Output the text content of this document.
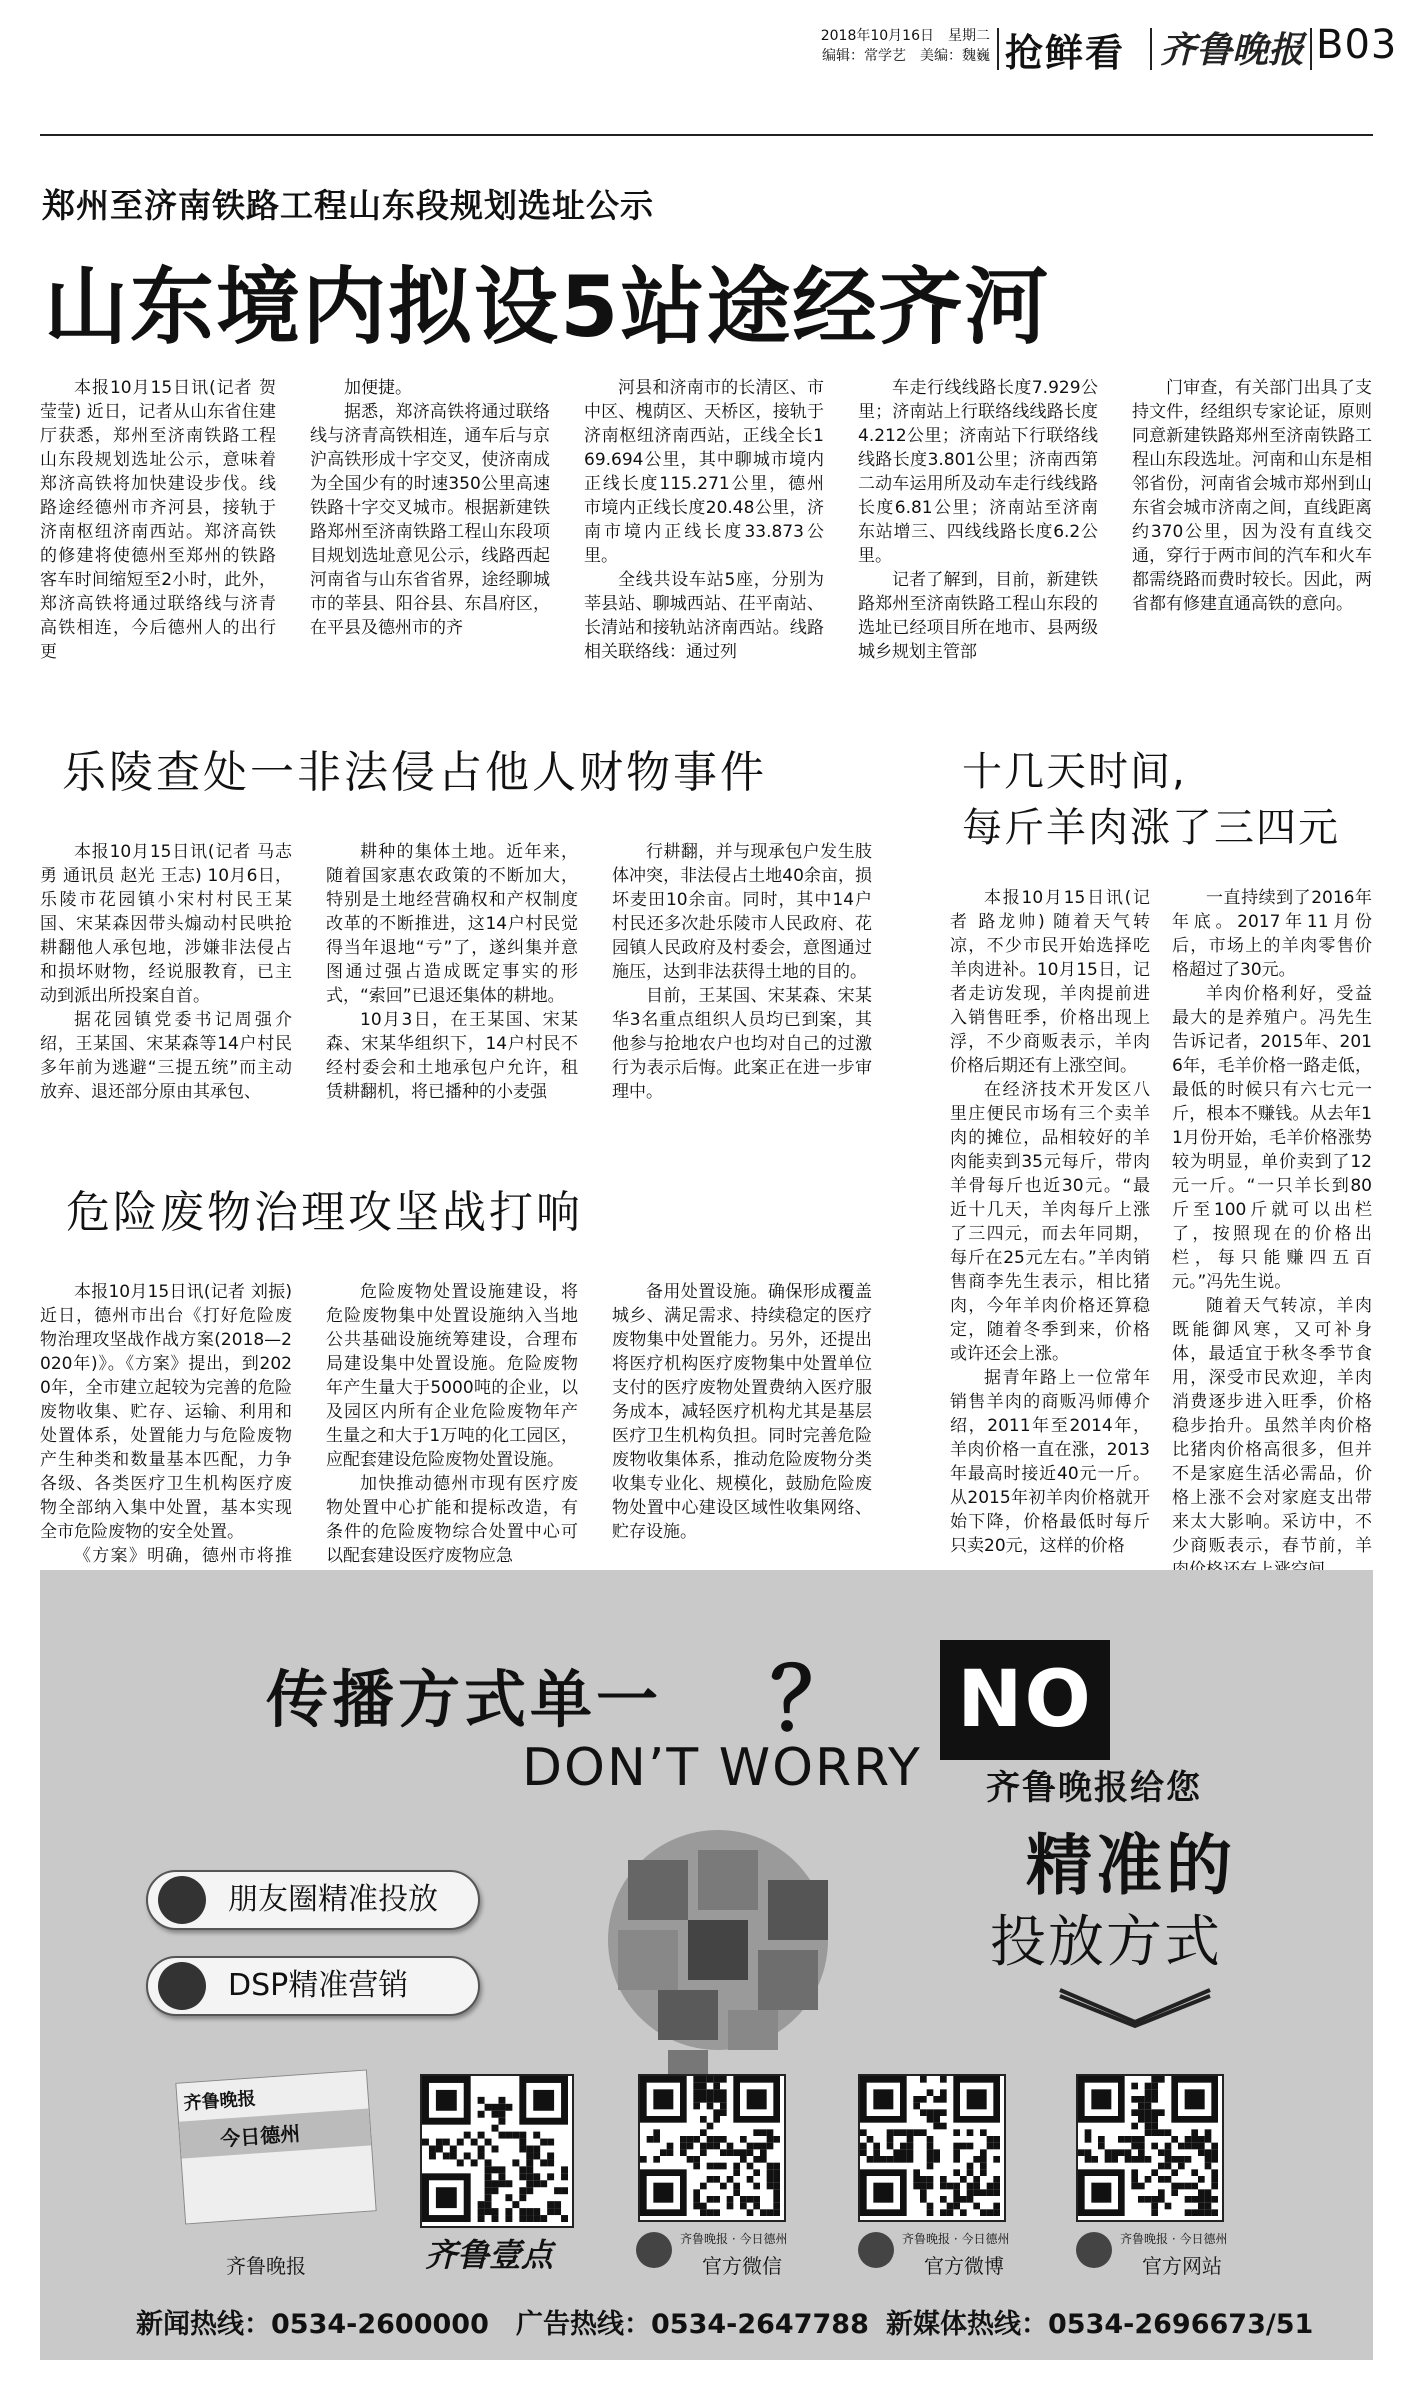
2018年10月16日　星期二
编辑：常学艺　美编：魏巍 抢鲜看 齐鲁晚报 B03
郑州至济南铁路工程山东段规划选址公示
山东境内拟设5站途经齐河

本报10月15日讯(记者 贺莹莹) 近日，记者从山东省住建厅获悉，郑州至济南铁路工程山东段规划选址公示，意味着郑济高铁将加快建设步伐。线路途经德州市齐河县，接轨于济南枢纽济南西站。郑济高铁的修建将使德州至郑州的铁路客车时间缩短至2小时，此外，郑济高铁将通过联络线与济青高铁相连，今后德州人的出行更

加便捷。

据悉，郑济高铁将通过联络线与济青高铁相连，通车后与京沪高铁形成十字交叉，使济南成为全国少有的时速350公里高速铁路十字交叉城市。根据新建铁路郑州至济南铁路工程山东段项目规划选址意见公示，线路西起河南省与山东省省界，途经聊城市的莘县、阳谷县、东昌府区，在平县及德州市的齐

河县和济南市的长清区、市中区、槐荫区、天桥区，接轨于济南枢纽济南西站，正线全长169.694公里，其中聊城市境内正线长度115.271公里，德州市境内正线长度20.48公里，济南市境内正线长度33.873公里。

全线共设车站5座，分别为莘县站、聊城西站、茌平南站、长清站和接轨站济南西站。线路相关联络线：通过列

车走行线线路长度7.929公里；济南站上行联络线线路长度4.212公里；济南站下行联络线线路长度3.801公里；济南西第二动车运用所及动车走行线线路长度6.81公里；济南站至济南东站增三、四线线路长度6.2公里。

记者了解到，目前，新建铁路郑州至济南铁路工程山东段的选址已经项目所在地市、县两级城乡规划主管部

门审查，有关部门出具了支持文件，经组织专家论证，原则同意新建铁路郑州至济南铁路工程山东段选址。河南和山东是相邻省份，河南省会城市郑州到山东省会城市济南之间，直线距离约370公里，因为没有直线交通，穿行于两市间的汽车和火车都需绕路而费时较长。因此，两省都有修建直通高铁的意向。

乐陵查处一非法侵占他人财物事件

本报10月15日讯(记者 马志勇 通讯员 赵光 王志) 10月6日，乐陵市花园镇小宋村村民王某国、宋某森因带头煽动村民哄抢耕翻他人承包地，涉嫌非法侵占和损坏财物，经说服教育，已主动到派出所投案自首。

据花园镇党委书记周强介绍，王某国、宋某森等14户村民多年前为逃避“三提五统”而主动放弃、退还部分原由其承包、

耕种的集体土地。近年来，随着国家惠农政策的不断加大，特别是土地经营确权和产权制度改革的不断推进，这14户村民觉得当年退地“亏”了，遂纠集并意图通过强占造成既定事实的形式，“索回”已退还集体的耕地。

10月3日，在王某国、宋某森、宋某华组织下，14户村民不经村委会和土地承包户允许，租赁耕翻机，将已播种的小麦强

行耕翻，并与现承包户发生肢体冲突，非法侵占土地40余亩，损坏麦田10余亩。同时，其中14户村民还多次赴乐陵市人民政府、花园镇人民政府及村委会，意图通过施压，达到非法获得土地的目的。

目前，王某国、宋某森、宋某华3名重点组织人员均已到案，其他参与抢地农户也均对自己的过激行为表示后悔。此案正在进一步审理中。

危险废物治理攻坚战打响

本报10月15日讯(记者 刘振) 近日，德州市出台《打好危险废物治理攻坚战作战方案(2018—2020年)》。《方案》提出，到2020年，全市建立起较为完善的危险废物收集、贮存、运输、利用和处置体系，处置能力与危险废物产生种类和数量基本匹配，力争各级、各类医疗卫生机构医疗废物全部纳入集中处置，基本实现全市危险废物的安全处置。

《方案》明确，德州市将推

危险废物处置设施建设，将危险废物集中处置设施纳入当地公共基础设施统筹建设，合理布局建设集中处置设施。危险废物年产生量大于5000吨的企业，以及园区内所有企业危险废物年产生量之和大于1万吨的化工园区，应配套建设危险废物处置设施。

加快推动德州市现有医疗废物处置中心扩能和提标改造，有条件的危险废物综合处置中心可以配套建设医疗废物应急

备用处置设施。确保形成覆盖城乡、满足需求、持续稳定的医疗废物集中处置能力。另外，还提出将医疗机构医疗废物集中处置单位支付的医疗废物处置费纳入医疗服务成本，减轻医疗机构尤其是基层医疗卫生机构负担。同时完善危险废物收集体系，推动危险废物分类收集专业化、规模化，鼓励危险废物处置中心建设区域性收集网络、贮存设施。

十几天时间,
每斤羊肉涨了三四元

本报10月15日讯(记者 路龙帅) 随着天气转凉，不少市民开始选择吃羊肉进补。10月15日，记者走访发现，羊肉提前进入销售旺季，价格出现上浮，不少商贩表示，羊肉价格后期还有上涨空间。

在经济技术开发区八里庄便民市场有三个卖羊肉的摊位，品相较好的羊肉能卖到35元每斤，带肉羊骨每斤也近30元。“最近十几天，羊肉每斤上涨了三四元，而去年同期，每斤在25元左右。”羊肉销售商李先生表示，相比猪肉，今年羊肉价格还算稳定，随着冬季到来，价格或许还会上涨。

据青年路上一位常年销售羊肉的商贩冯师傅介绍，2011年至2014年，羊肉价格一直在涨，2013年最高时接近40元一斤。从2015年初羊肉价格就开始下降，价格最低时每斤只卖20元，这样的价格

一直持续到了2016年年底。2017年11月份后，市场上的羊肉零售价格超过了30元。

羊肉价格利好，受益最大的是养殖户。冯先生告诉记者，2015年、2016年，毛羊价格一路走低，最低的时候只有六七元一斤，根本不赚钱。从去年11月份开始，毛羊价格涨势较为明显，单价卖到了12元一斤。“一只羊长到80斤至100斤就可以出栏了，按照现在的价格出栏，每只能赚四五百元。”冯先生说。

随着天气转凉，羊肉既能御风寒，又可补身体，最适宜于秋冬季节食用，深受市民欢迎，羊肉消费逐步进入旺季，价格稳步抬升。虽然羊肉价格比猪肉价格高很多，但并不是家庭生活必需品，价格上涨不会对家庭支出带来太大影响。采访中，不少商贩表示，春节前，羊

传播方式单一 ？ NO
DON’T WORRY 齐鲁晚报给您
精准的
投放方式
朋友圈精准投放
DSP精准营销
齐鲁晚报
今日德州
齐鲁晚报	齐鲁壹点	齐鲁晚报 · 今日德州
官方微信
齐鲁晚报 · 今日德州
官方微博
齐鲁晚报 · 今日德州
官方网站
新闻热线：0534-2600000 广告热线：0534-2647788 新媒体热线：0534-2696673/51
